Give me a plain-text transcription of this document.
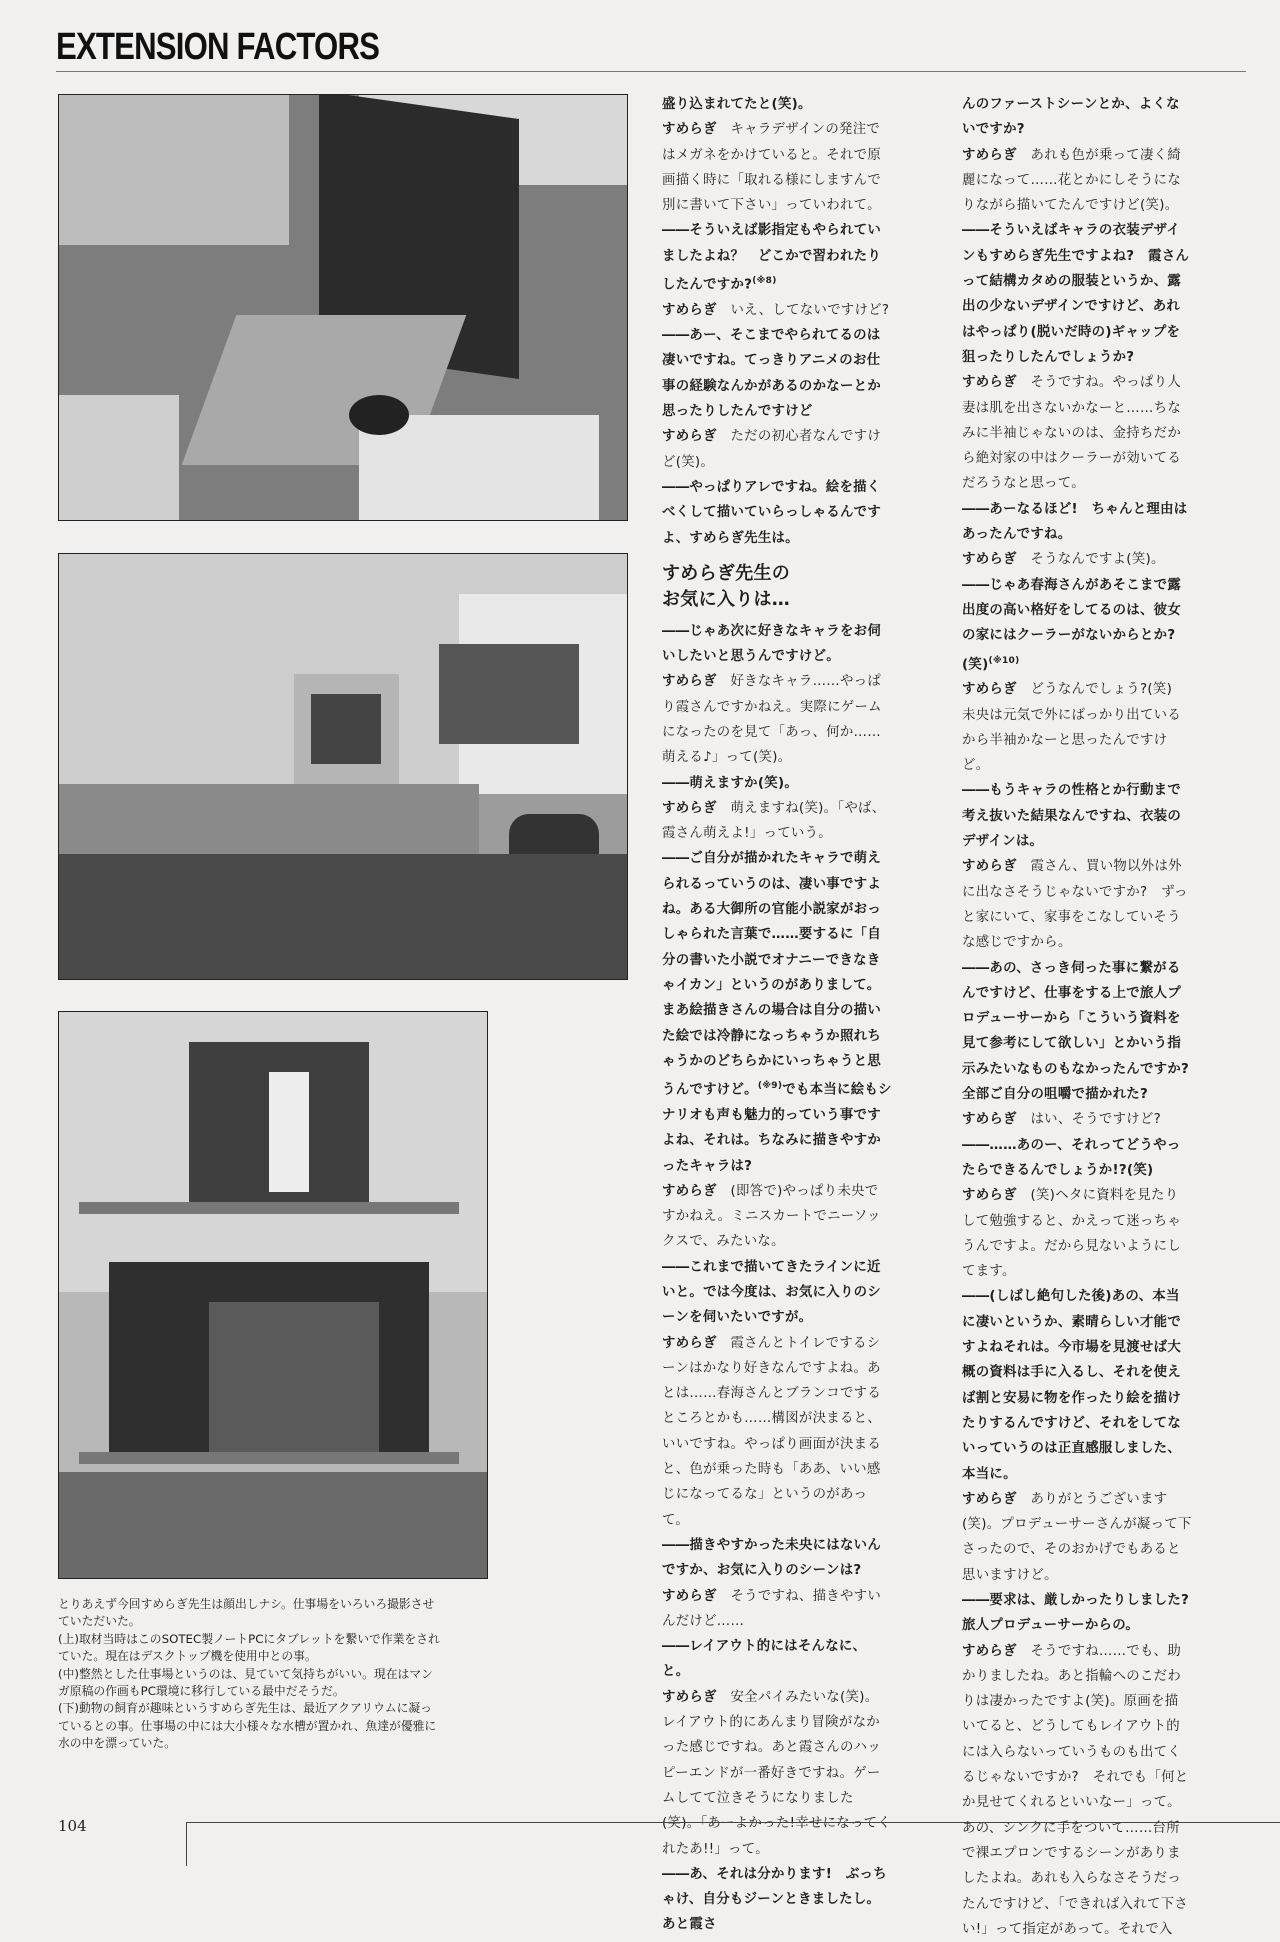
EXTENSION FACTORS

とりあえず今回すめらぎ先生は顔出しナシ。仕事場をいろいろ撮影させていただいた。

(上)取材当時はこのSOTEC製ノートPCにタブレットを繋いで作業をされていた。現在はデスクトップ機を使用中との事。

(中)整然とした仕事場というのは、見ていて気持ちがいい。現在はマンガ原稿の作画もPC環境に移行している最中だそうだ。

(下)動物の飼育が趣味というすめらぎ先生は、最近アクアリウムに凝っているとの事。仕事場の中には大小様々な水槽が置かれ、魚達が優雅に水の中を漂っていた。

盛り込まれてたと(笑)。

すめらぎ　 キャラデザインの発注ではメガネをかけていると。それで原画描く時に「取れる様にしますんで別に書いて下さい」っていわれて。

――そういえば影指定もやられていましたよね？　どこかで習われたりしたんですか?$^{(※8)}$

すめらぎ　 いえ、してないですけど?

――あー、そこまでやられてるのは凄いですね。てっきりアニメのお仕事の経験なんかがあるのかなーとか思ったりしたんですけど

すめらぎ　 ただの初心者なんですけど(笑)。

――やっぱりアレですね。絵を描くべくして描いていらっしゃるんですよ、すめらぎ先生は。

すめらぎ先生の
お気に入りは…

――じゃあ次に好きなキャラをお伺いしたいと思うんですけど。

すめらぎ　 好きなキャラ……やっぱり霞さんですかねえ。実際にゲームになったのを見て「あっ、何か……萌える♪」って(笑)。

――萌えますか(笑)。

すめらぎ　 萌えますね(笑)。「やば、霞さん萌えよ!」っていう。

――ご自分が描かれたキャラで萌えられるっていうのは、凄い事ですよね。ある大御所の官能小説家がおっしゃられた言葉で……要するに「自分の書いた小説でオナニーできなきゃイカン」というのがありまして。まあ絵描きさんの場合は自分の描いた絵では冷静になっちゃうか照れちゃうかのどちらかにいっちゃうと思うんですけど。$^{(※9)}$でも本当に絵もシナリオも声も魅力的っていう事ですよね、それは。ちなみに描きやすかったキャラは?

すめらぎ　 (即答で)やっぱり未央ですかねえ。ミニスカートでニーソックスで、みたいな。

――これまで描いてきたラインに近いと。では今度は、お気に入りのシーンを伺いたいですが。

すめらぎ　 霞さんとトイレでするシーンはかなり好きなんですよね。あとは……春海さんとブランコでするところとかも……構図が決まると、いいですね。やっぱり画面が決まると、色が乗った時も「ああ、いい感じになってるな」というのがあって。

――描きやすかった未央にはないんですか、お気に入りのシーンは?

すめらぎ　 そうですね、描きやすいんだけど……

――レイアウト的にはそんなに、と。

すめらぎ　 安全パイみたいな(笑)。レイアウト的にあんまり冒険がなかった感じですね。あと霞さんのハッピーエンドが一番好きですね。ゲームしてて泣きそうになりました(笑)。「あーよかった!幸せになってくれたあ!!」って。

――あ、それは分かります!　ぶっちゃけ、自分もジーンときましたし。あと霞さ

んのファーストシーンとか、よくないですか?

すめらぎ　 あれも色が乗って凄く綺麗になって……花とかにしそうになりながら描いてたんですけど(笑)。

――そういえばキャラの衣装デザインもすめらぎ先生ですよね?　霞さんって結構カタめの服装というか、露出の少ないデザインですけど、あれはやっぱり(脱いだ時の)ギャップを狙ったりしたんでしょうか?

すめらぎ　 そうですね。やっぱり人妻は肌を出さないかなーと……ちなみに半袖じゃないのは、金持ちだから絶対家の中はクーラーが効いてるだろうなと思って。

――あーなるほど!　ちゃんと理由はあったんですね。

すめらぎ　 そうなんですよ(笑)。

――じゃあ春海さんがあそこまで露出度の高い格好をしてるのは、彼女の家にはクーラーがないからとか?(笑)$^{(※10)}$

すめらぎ　 どうなんでしょう?(笑)　未央は元気で外にばっかり出ているから半袖かなーと思ったんですけど。

――もうキャラの性格とか行動まで考え抜いた結果なんですね、衣装のデザインは。

すめらぎ　 霞さん、買い物以外は外に出なさそうじゃないですか?　ずっと家にいて、家事をこなしていそうな感じですから。

――あの、さっき伺った事に繋がるんですけど、仕事をする上で旅人プロデューサーから「こういう資料を見て参考にして欲しい」とかいう指示みたいなものもなかったんですか?　全部ご自分の咀嚼で描かれた?

すめらぎ　 はい、そうですけど?

――……あのー、それってどうやったらできるんでしょうか!?(笑)

すめらぎ　 (笑)ヘタに資料を見たりして勉強すると、かえって迷っちゃうんですよ。だから見ないようにしてます。

――(しばし絶句した後)あの、本当に凄いというか、素晴らしい才能ですよねそれは。今市場を見渡せば大概の資料は手に入るし、それを使えば割と安易に物を作ったり絵を描けたりするんですけど、それをしてないっていうのは正直感服しました、本当に。

すめらぎ　 ありがとうございます(笑)。プロデューサーさんが凝って下さったので、そのおかげでもあると思いますけど。

――要求は、厳しかったりしました?旅人プロデューサーからの。

すめらぎ　 そうですね……でも、助かりましたね。あと指輪へのこだわりは凄かったですよ(笑)。原画を描いてると、どうしてもレイアウト的には入らないっていうものも出てくるじゃないですか?　それでも「何とか見せてくれるといいなー」って。あの、シンクに手をついて……台所で裸エプロンでするシーンがありましたよね。あれも入らなさそうだったんですけど、「できれば入れて下さい!」って指定があって。それで入

104
